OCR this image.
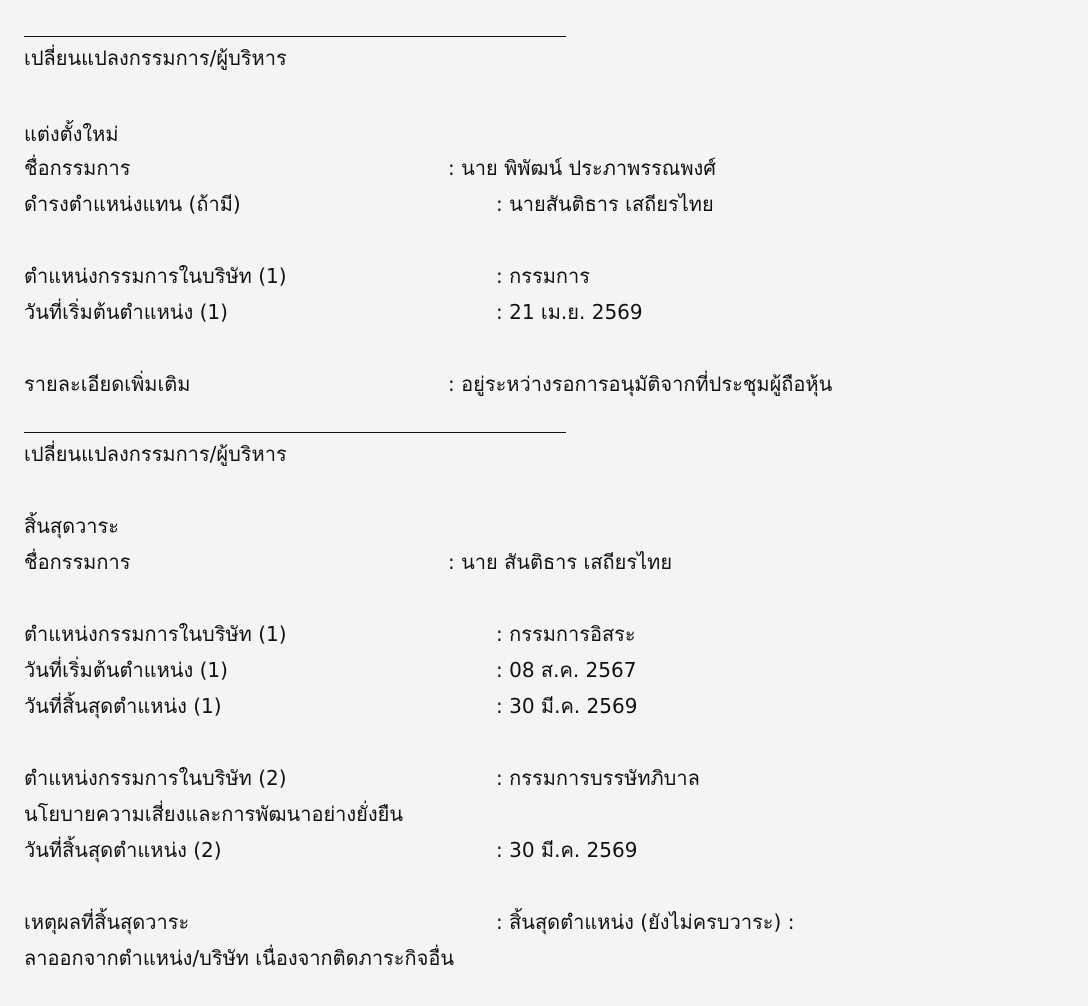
เปลี่ยนแปลงกรรมการ/ผู้บริหาร
แต่งตั้งใหม่
ชื่อกรรมการ	: นาย พิพัฒน์ ประภาพรรณพงศ์
ดำรงตำแหน่งแทน (ถ้ามี)	: นายสันติธาร เสถียรไทย
ตำแหน่งกรรมการในบริษัท (1)	: กรรมการ
วันที่เริ่มต้นตำแหน่ง (1)	: 21 เม.ย. 2569
รายละเอียดเพิ่มเติม	: อยู่ระหว่างรอการอนุมัติจากที่ประชุมผู้ถือหุ้น
เปลี่ยนแปลงกรรมการ/ผู้บริหาร
สิ้นสุดวาระ
ชื่อกรรมการ	: นาย สันติธาร เสถียรไทย
ตำแหน่งกรรมการในบริษัท (1)	: กรรมการอิสระ
วันที่เริ่มต้นตำแหน่ง (1)	: 08 ส.ค. 2567
วันที่สิ้นสุดตำแหน่ง (1)	: 30 มี.ค. 2569
ตำแหน่งกรรมการในบริษัท (2)	: กรรมการบรรษัทภิบาล
นโยบายความเสี่ยงและการพัฒนาอย่างยั่งยืน
วันที่สิ้นสุดตำแหน่ง (2)	: 30 มี.ค. 2569
เหตุผลที่สิ้นสุดวาระ	: สิ้นสุดตำแหน่ง (ยังไม่ครบวาระ) :
ลาออกจากตำแหน่ง/บริษัท เนื่องจากติดภาระกิจอื่น
